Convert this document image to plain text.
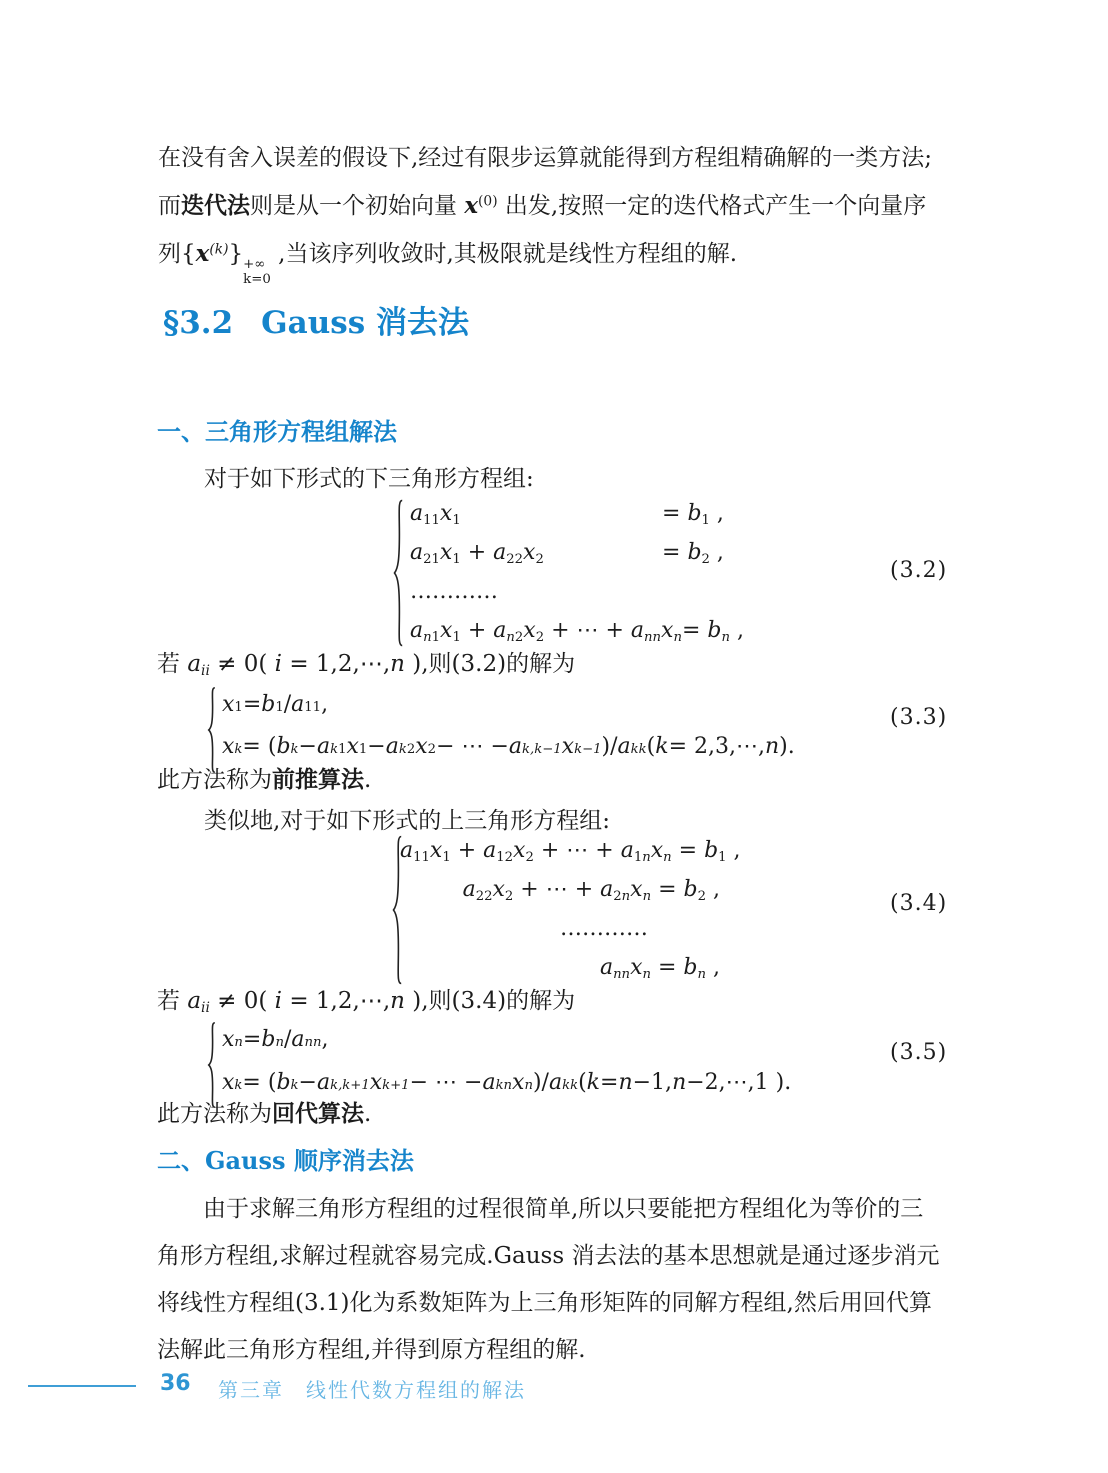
在没有舍入误差的假设下,经过有限步运算就能得到方程组精确解的一类方法;
而迭代法则是从一个初始向量 $x^{(0)}$ 出发,按照一定的迭代格式产生一个向量序
列$\{x^{(k)}\}$ +∞
k=0
,当该序列收敛时,其极限就是线性方程组的解.
§3.2 Gauss 消去法
一、三角形方程组解法
对于如下形式的下三角形方程组:
$a_{11}x_1$	= $b_1$ ,
$a_{21}x_1 + a_{22}x_2$	= $b_2$ ,
…………
$a_{n1}x_1 + a_{n2}x_2$ + ⋯ + $a_{nn}x_n = b_n$ ,
(3.2)
若 $a_{ii} \ne 0$( i = 1,2,⋯,n ),则(3.2)的解为
x 1 = b 1 / a 11 ,
x k = ( b k − a k 1 x 1 − a k 2 x 2 − ⋯ − a k,k−1 x k−1 )/ a kk ( k = 2,3,⋯, n ).
(3.3)
此方法称为前推算法.
类似地,对于如下形式的上三角形方程组:
$a_{11}x_1 + a_{12}x_2$ + ⋯ + $a_{1n}x_n = b_1$ ,
$a_{22}x_2$ + ⋯ + $a_{2n}x_n = b_2$ ,
…………
$a_{nn}x_n = b_n$ ,
(3.4)
若 $a_{ii} \ne 0$( i = 1,2,⋯,n ),则(3.4)的解为
x n = b n / a nn ,
x k = ( b k − a k,k+1 x k+1 − ⋯ − a kn x n )/ a kk ( k = n −1, n −2,⋯,1 ).
(3.5)
此方法称为回代算法.
二、Gauss 顺序消去法
由于求解三角形方程组的过程很简单,所以只要能把方程组化为等价的三
角形方程组,求解过程就容易完成.Gauss 消去法的基本思想就是通过逐步消元
将线性方程组(3.1)化为系数矩阵为上三角形矩阵的同解方程组,然后用回代算
法解此三角形方程组,并得到原方程组的解.
36 第三章　线性代数方程组的解法
